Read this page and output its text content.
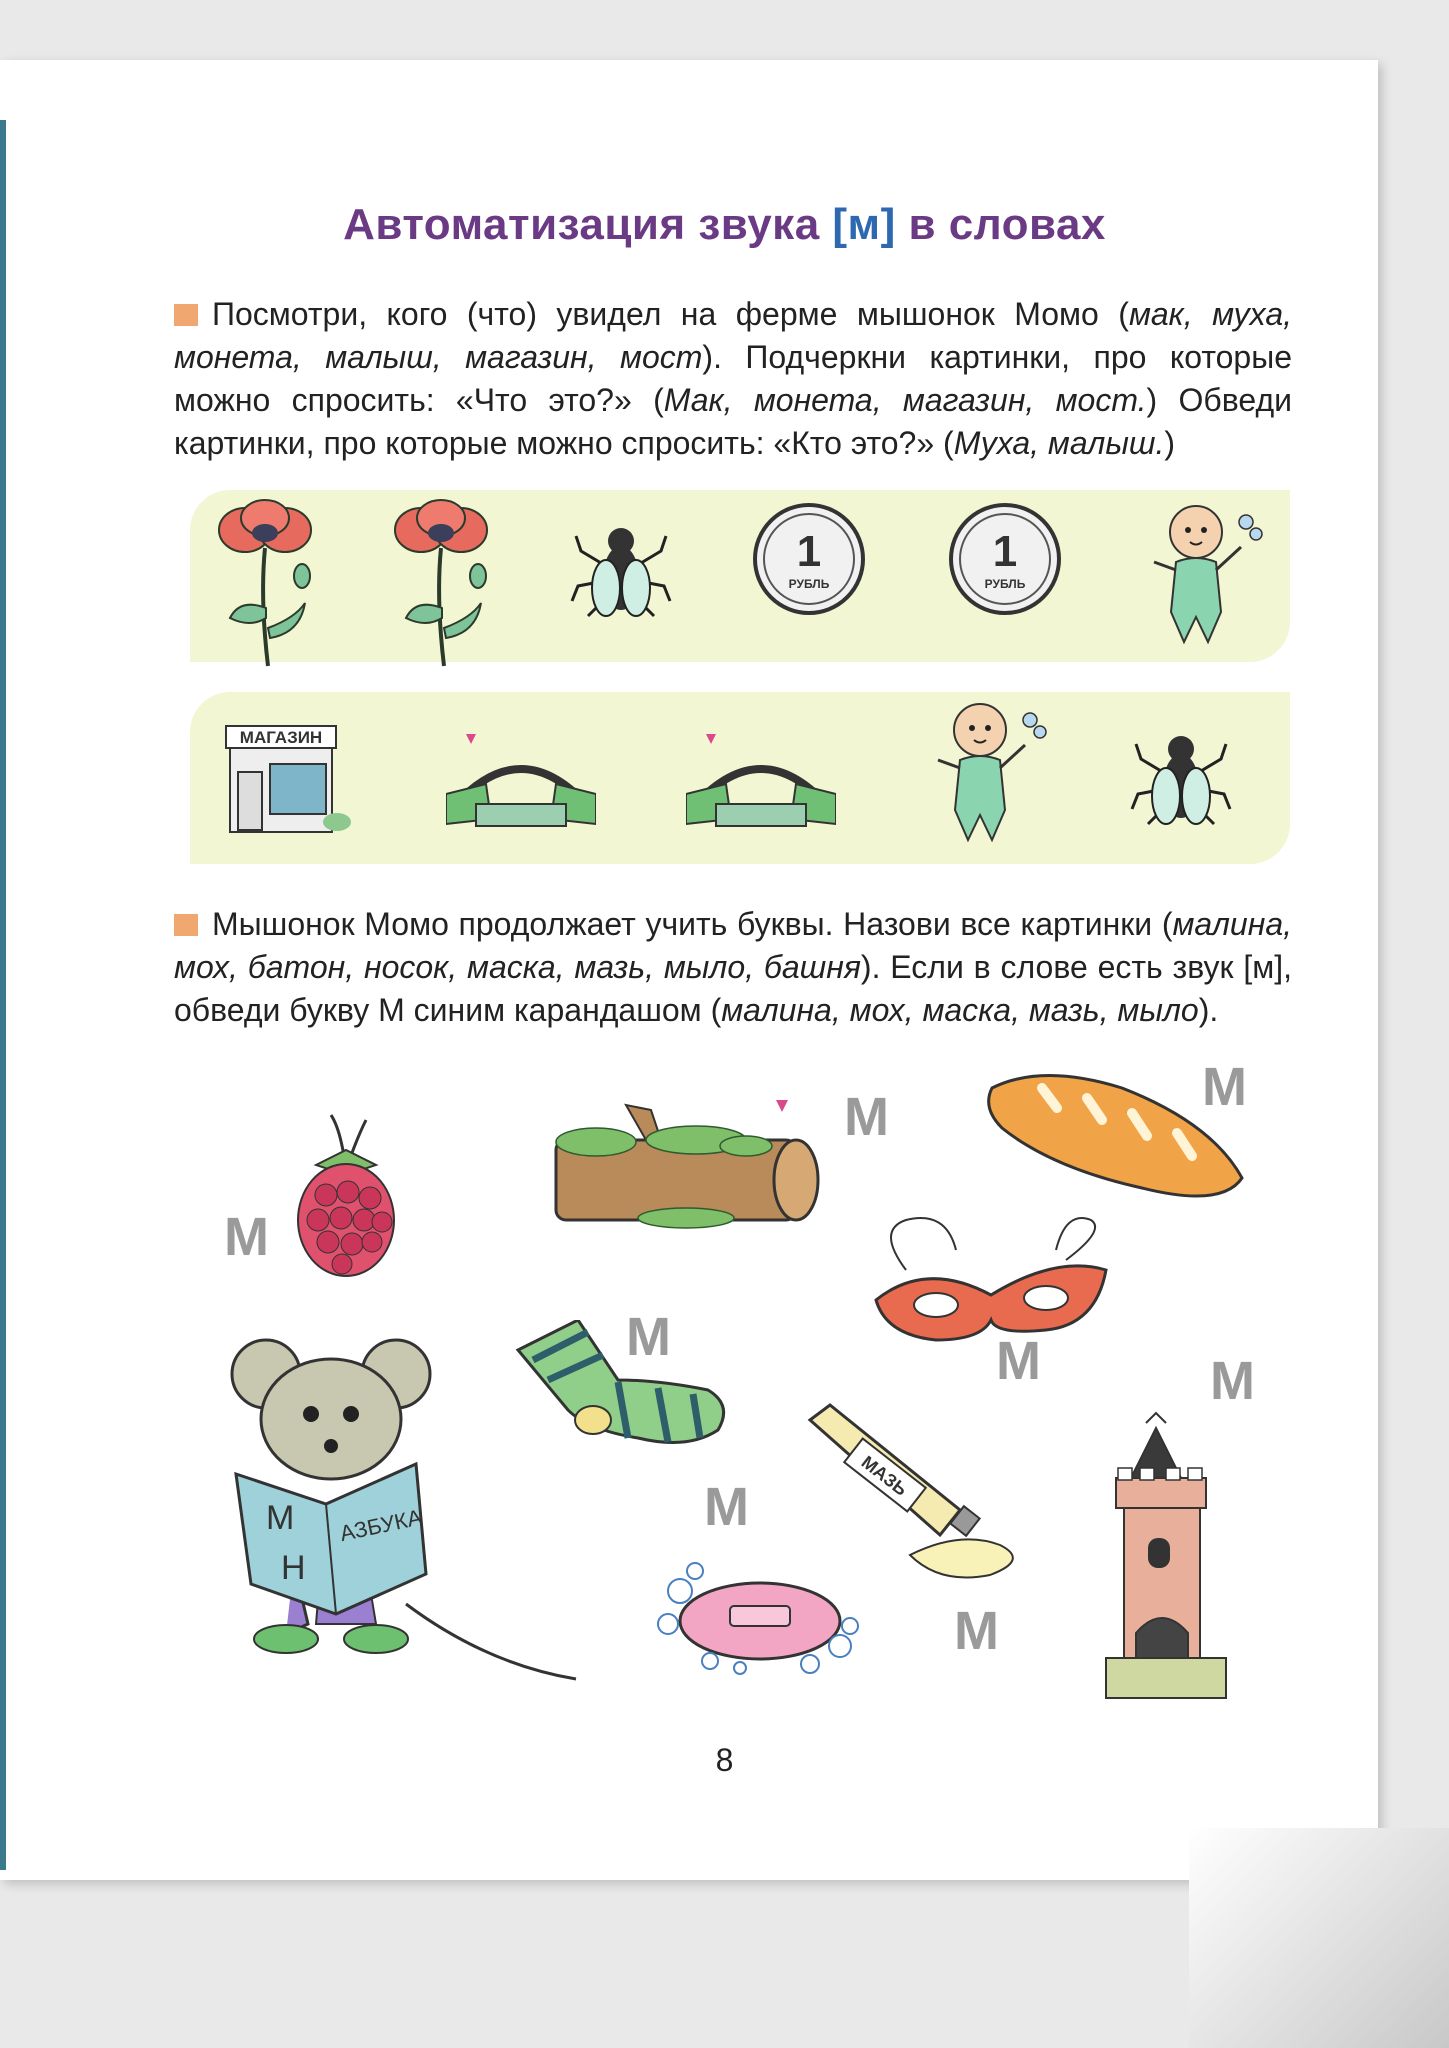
Автоматизация звука [м] в словах
Посмотри, кого (что) увидел на ферме мышонок Момо (мак, муха, монета, малыш, магазин, мост). Подчеркни картинки, про которые можно спросить: «Что это?» (Мак, монета, магазин, мост.) Обведи картинки, про которые можно спросить: «Кто это?» (Муха, малыш.)
1
РУБЛЬ
1
РУБЛЬ
МАГАЗИН
Мышонок Момо продолжает учить буквы. Назови все картинки (малина, мох, батон, носок, маска, мазь, мыло, башня). Если в слове есть звук [м], обведи букву М синим карандашом (малина, мох, маска, мазь, мыло).
М
Н
АЗБУКА
МАЗЬ
М
М	М
М	М	М
М
М
8
